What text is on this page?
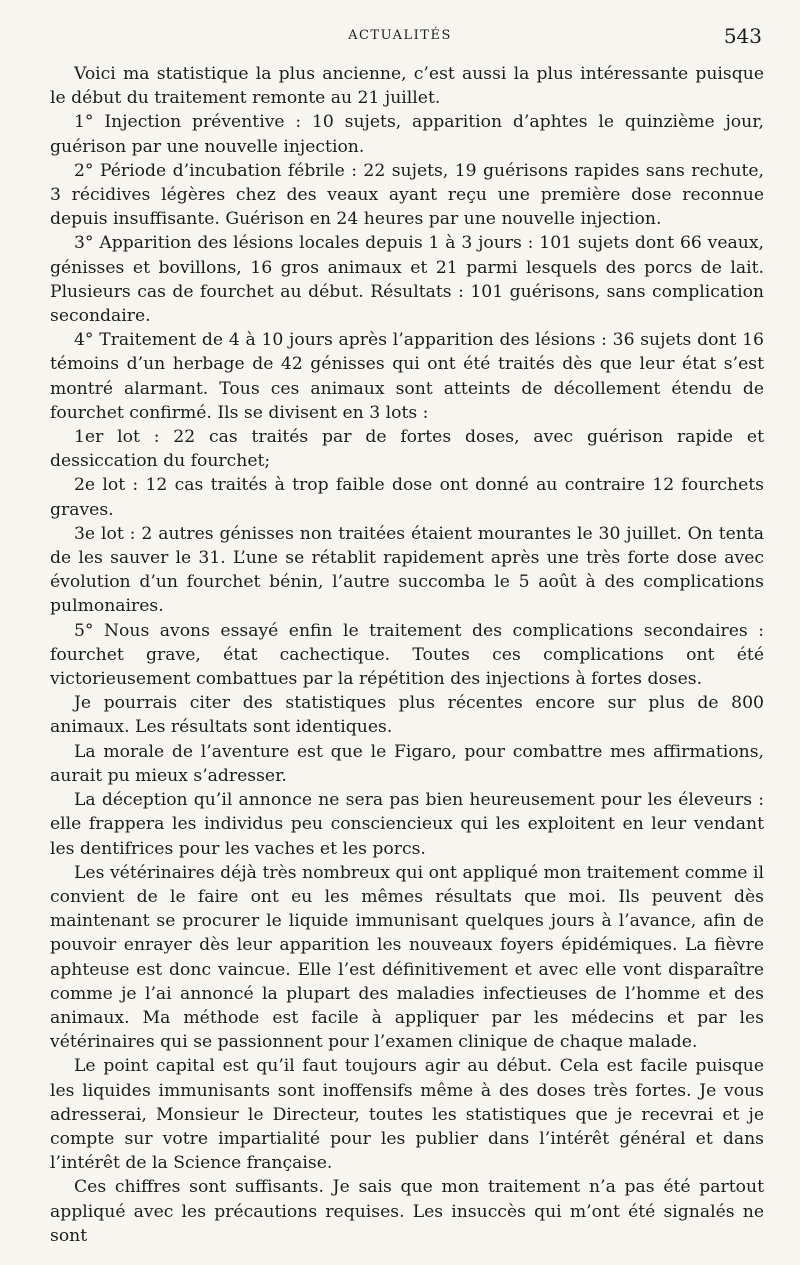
ACTUALITÉS	543

Voici ma statistique la plus ancienne, c’est aussi la plus intéressante puisque le début du traitement remonte au 21 juillet.

1° Injection préventive : 10 sujets, apparition d’aphtes le quinzième jour, guérison par une nouvelle injection.

2° Période d’incubation fébrile : 22 sujets, 19 guérisons rapides sans rechute, 3 récidives légères chez des veaux ayant reçu une première dose reconnue depuis insuffisante. Guérison en 24 heures par une nouvelle injection.

3° Apparition des lésions locales depuis 1 à 3 jours : 101 sujets dont 66 veaux, génisses et bovillons, 16 gros animaux et 21 parmi lesquels des porcs de lait. Plusieurs cas de fourchet au début. Résultats : 101 guérisons, sans complication secondaire.

4° Traitement de 4 à 10 jours après l’apparition des lésions : 36 sujets dont 16 témoins d’un herbage de 42 génisses qui ont été traités dès que leur état s’est montré alarmant. Tous ces animaux sont atteints de décollement étendu de fourchet confirmé. Ils se divisent en 3 lots :

1er lot : 22 cas traités par de fortes doses, avec guérison rapide et dessiccation du fourchet;

2e lot : 12 cas traités à trop faible dose ont donné au contraire 12 fourchets graves.

3e lot : 2 autres génisses non traitées étaient mourantes le 30 juillet. On tenta de les sauver le 31. L’une se rétablit rapidement après une très forte dose avec évolution d’un fourchet bénin, l’autre succomba le 5 août à des complications pulmonaires.

5° Nous avons essayé enfin le traitement des complications secondaires : fourchet grave, état cachectique. Toutes ces complications ont été victorieusement combattues par la répétition des injections à fortes doses.

Je pourrais citer des statistiques plus récentes encore sur plus de 800 animaux. Les résultats sont identiques.

La morale de l’aventure est que le Figaro, pour combattre mes affirmations, aurait pu mieux s’adresser.

La déception qu’il annonce ne sera pas bien heureusement pour les éleveurs : elle frappera les individus peu consciencieux qui les exploitent en leur vendant les dentifrices pour les vaches et les porcs.

Les vétérinaires déjà très nombreux qui ont appliqué mon traitement comme il convient de le faire ont eu les mêmes résultats que moi. Ils peuvent dès maintenant se procurer le liquide immunisant quelques jours à l’avance, afin de pouvoir enrayer dès leur apparition les nouveaux foyers épidémiques. La fièvre aphteuse est donc vaincue. Elle l’est définitivement et avec elle vont disparaître comme je l’ai annoncé la plupart des maladies infectieuses de l’homme et des animaux. Ma méthode est facile à appliquer par les médecins et par les vétérinaires qui se passionnent pour l’examen clinique de chaque malade.

Le point capital est qu’il faut toujours agir au début. Cela est facile puisque les liquides immunisants sont inoffensifs même à des doses très fortes. Je vous adresserai, Monsieur le Directeur, toutes les statistiques que je recevrai et je compte sur votre impartialité pour les publier dans l’intérêt général et dans l’intérêt de la Science française.

Ces chiffres sont suffisants. Je sais que mon traitement n’a pas été partout appliqué avec les précautions requises. Les insuccès qui m’ont été signalés ne sont
